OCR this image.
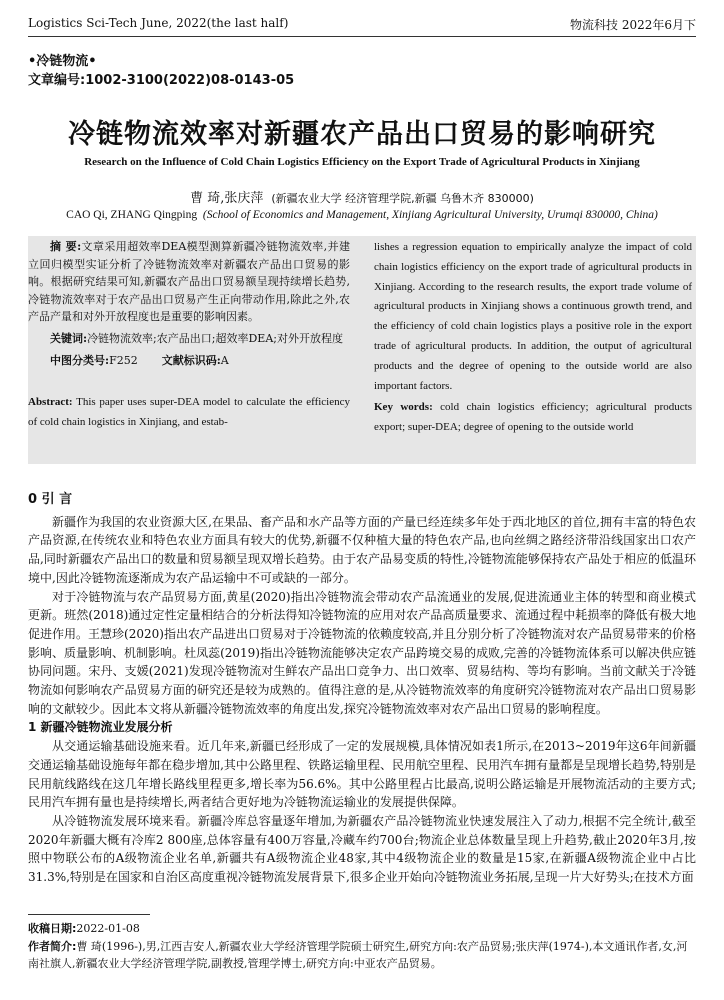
Logistics Sci-Tech June, 2022(the last half)	物流科技 2022年6月下
•冷链物流•
文章编号:1002-3100(2022)08-0143-05
冷链物流效率对新疆农产品出口贸易的影响研究
Research on the Influence of Cold Chain Logistics Efficiency on the Export Trade of Agricultural Products in Xinjiang
曹 琦,张庆萍 (新疆农业大学 经济管理学院,新疆 乌鲁木齐 830000)
CAO Qi, ZHANG Qingping (School of Economics and Management, Xinjiang Agricultural University, Urumqi 830000, China)
摘 要:文章采用超效率DEA模型测算新疆冷链物流效率,并建立回归模型实证分析了冷链物流效率对新疆农产品出口贸易的影响。根据研究结果可知,新疆农产品出口贸易额呈现持续增长趋势,冷链物流效率对于农产品出口贸易产生正向带动作用,除此之外,农产品产量和对外开放程度也是重要的影响因素。
关键词:冷链物流效率;农产品出口;超效率DEA;对外开放程度
中图分类号:F252 文献标识码:A
Abstract: This paper uses super-DEA model to calculate the efficiency of cold chain logistics in Xinjiang, and estab-
lishes a regression equation to empirically analyze the impact of cold chain logistics efficiency on the export trade of agricultural products in Xinjiang. According to the research results, the export trade volume of agricultural products in Xinjiang shows a continuous growth trend, and the efficiency of cold chain logistics plays a positive role in the export trade of agricultural products. In addition, the output of agricultural products and the degree of opening to the outside world are also important factors.
Key words: cold chain logistics efficiency; agricultural products export; super-DEA; degree of opening to the outside world
0 引 言

新疆作为我国的农业资源大区,在果品、畜产品和水产品等方面的产量已经连续多年处于西北地区的首位,拥有丰富的特色农产品资源,在传统农业和特色农业方面具有较大的优势,新疆不仅种植大量的特色农产品,也向丝绸之路经济带沿线国家出口农产品,同时新疆农产品出口的数量和贸易额呈现双增长趋势。由于农产品易变质的特性,冷链物流能够保持农产品处于相应的低温环境中,因此冷链物流逐渐成为农产品运输中不可或缺的一部分。

对于冷链物流与农产品贸易方面,黄星(2020)指出冷链物流会带动农产品流通业的发展,促进流通业主体的转型和商业模式更新。班然(2018)通过定性定量相结合的分析法得知冷链物流的应用对农产品高质量要求、流通过程中耗损率的降低有极大地促进作用。王慧珍(2020)指出农产品进出口贸易对于冷链物流的依赖度较高,并且分别分析了冷链物流对农产品贸易带来的价格影响、质量影响、机制影响。杜凤蕊(2019)指出冷链物流能够决定农产品跨境交易的成败,完善的冷链物流体系可以解决供应链协同问题。宋丹、支媛(2021)发现冷链物流对生鲜农产品出口竞争力、出口效率、贸易结构、等均有影响。当前文献关于冷链物流如何影响农产品贸易方面的研究还是较为成熟的。值得注意的是,从冷链物流效率的角度研究冷链物流对农产品出口贸易影响的文献较少。因此本文将从新疆冷链物流效率的角度出发,探究冷链物流效率对农产品出口贸易的影响程度。

1 新疆冷链物流业发展分析

从交通运输基础设施来看。近几年来,新疆已经形成了一定的发展规模,具体情况如表1所示,在2013~2019年这6年间新疆交通运输基础设施每年都在稳步增加,其中公路里程、铁路运输里程、民用航空里程、民用汽车拥有量都是呈现增长趋势,特别是民用航线路线在这几年增长路线里程更多,增长率为56.6%。其中公路里程占比最高,说明公路运输是开展物流活动的主要方式;民用汽车拥有量也是持续增长,两者结合更好地为冷链物流运输业的发展提供保障。

从冷链物流发展环境来看。新疆冷库总容量逐年增加,为新疆农产品冷链物流业快速发展注入了动力,根据不完全统计,截至2020年新疆大概有冷库2 800座,总体容量有400万容量,冷藏车约700台;物流企业总体数量呈现上升趋势,截止2020年3月,按照中物联公布的A级物流企业名单,新疆共有A级物流企业48家,其中4级物流企业的数量是15家,在新疆A级物流企业中占比31.3%,特别是在国家和自治区高度重视冷链物流发展背景下,很多企业开始向冷链物流业务拓展,呈现一片大好势头;在技术方面

收稿日期:2022-01-08
作者简介:曹 琦(1996-),男,江西吉安人,新疆农业大学经济管理学院硕士研究生,研究方向:农产品贸易;张庆萍(1974-),本文通讯作者,女,河南社旗人,新疆农业大学经济管理学院,副教授,管理学博士,研究方向:中亚农产品贸易。
